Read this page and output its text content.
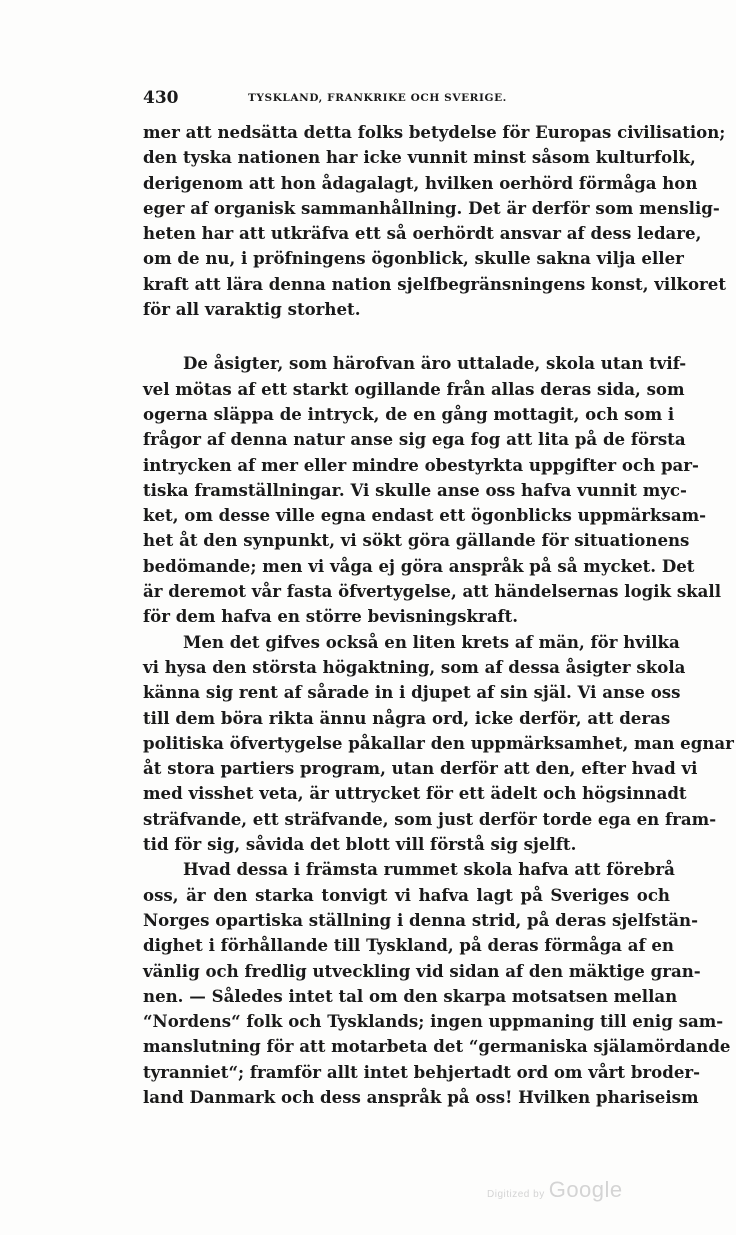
430	TYSKLAND, FRANKRIKE OCH SVERIGE.
mer att nedsätta detta folks betydelse för Europas civilisation;
den tyska nationen har icke vunnit minst såsom kulturfolk,
derigenom att hon ådagalagt, hvilken oerhörd förmåga hon
eger af organisk sammanhållning. Det är derför som menslig-
heten har att utkräfva ett så oerhördt ansvar af dess ledare,
om de nu, i pröfningens ögonblick, skulle sakna vilja eller
kraft att lära denna nation sjelfbegränsningens konst, vilkoret
för all varaktig storhet.
De åsigter, som härofvan äro uttalade, skola utan tvif-
vel mötas af ett starkt ogillande från allas deras sida, som
ogerna släppa de intryck, de en gång mottagit, och som i
frågor af denna natur anse sig ega fog att lita på de första
intrycken af mer eller mindre obestyrkta uppgifter och par-
tiska framställningar. Vi skulle anse oss hafva vunnit myc-
ket, om desse ville egna endast ett ögonblicks uppmärksam-
het åt den synpunkt, vi sökt göra gällande för situationens
bedömande; men vi våga ej göra anspråk på så mycket. Det
är deremot vår fasta öfvertygelse, att händelsernas logik skall
för dem hafva en större bevisningskraft.
Men det gifves också en liten krets af män, för hvilka
vi hysa den största högaktning, som af dessa åsigter skola
känna sig rent af sårade in i djupet af sin själ. Vi anse oss
till dem böra rikta ännu några ord, icke derför, att deras
politiska öfvertygelse påkallar den uppmärksamhet, man egnar
åt stora partiers program, utan derför att den, efter hvad vi
med visshet veta, är uttrycket för ett ädelt och högsinnadt
sträfvande, ett sträfvande, som just derför torde ega en fram-
tid för sig, såvida det blott vill förstå sig sjelft.
Hvad dessa i främsta rummet skola hafva att förebrå
oss, är den starka tonvigt vi hafva lagt på Sveriges och
Norges opartiska ställning i denna strid, på deras sjelfstän-
dighet i förhållande till Tyskland, på deras förmåga af en
vänlig och fredlig utveckling vid sidan af den mäktige gran-
nen. — Således intet tal om den skarpa motsatsen mellan
“Nordens“ folk och Tysklands; ingen uppmaning till enig sam-
manslutning för att motarbeta det “germaniska själamördande
tyranniet“; framför allt intet behjertadt ord om vårt broder-
land Danmark och dess anspråk på oss! Hvilken phariseism
Digitized by Google
